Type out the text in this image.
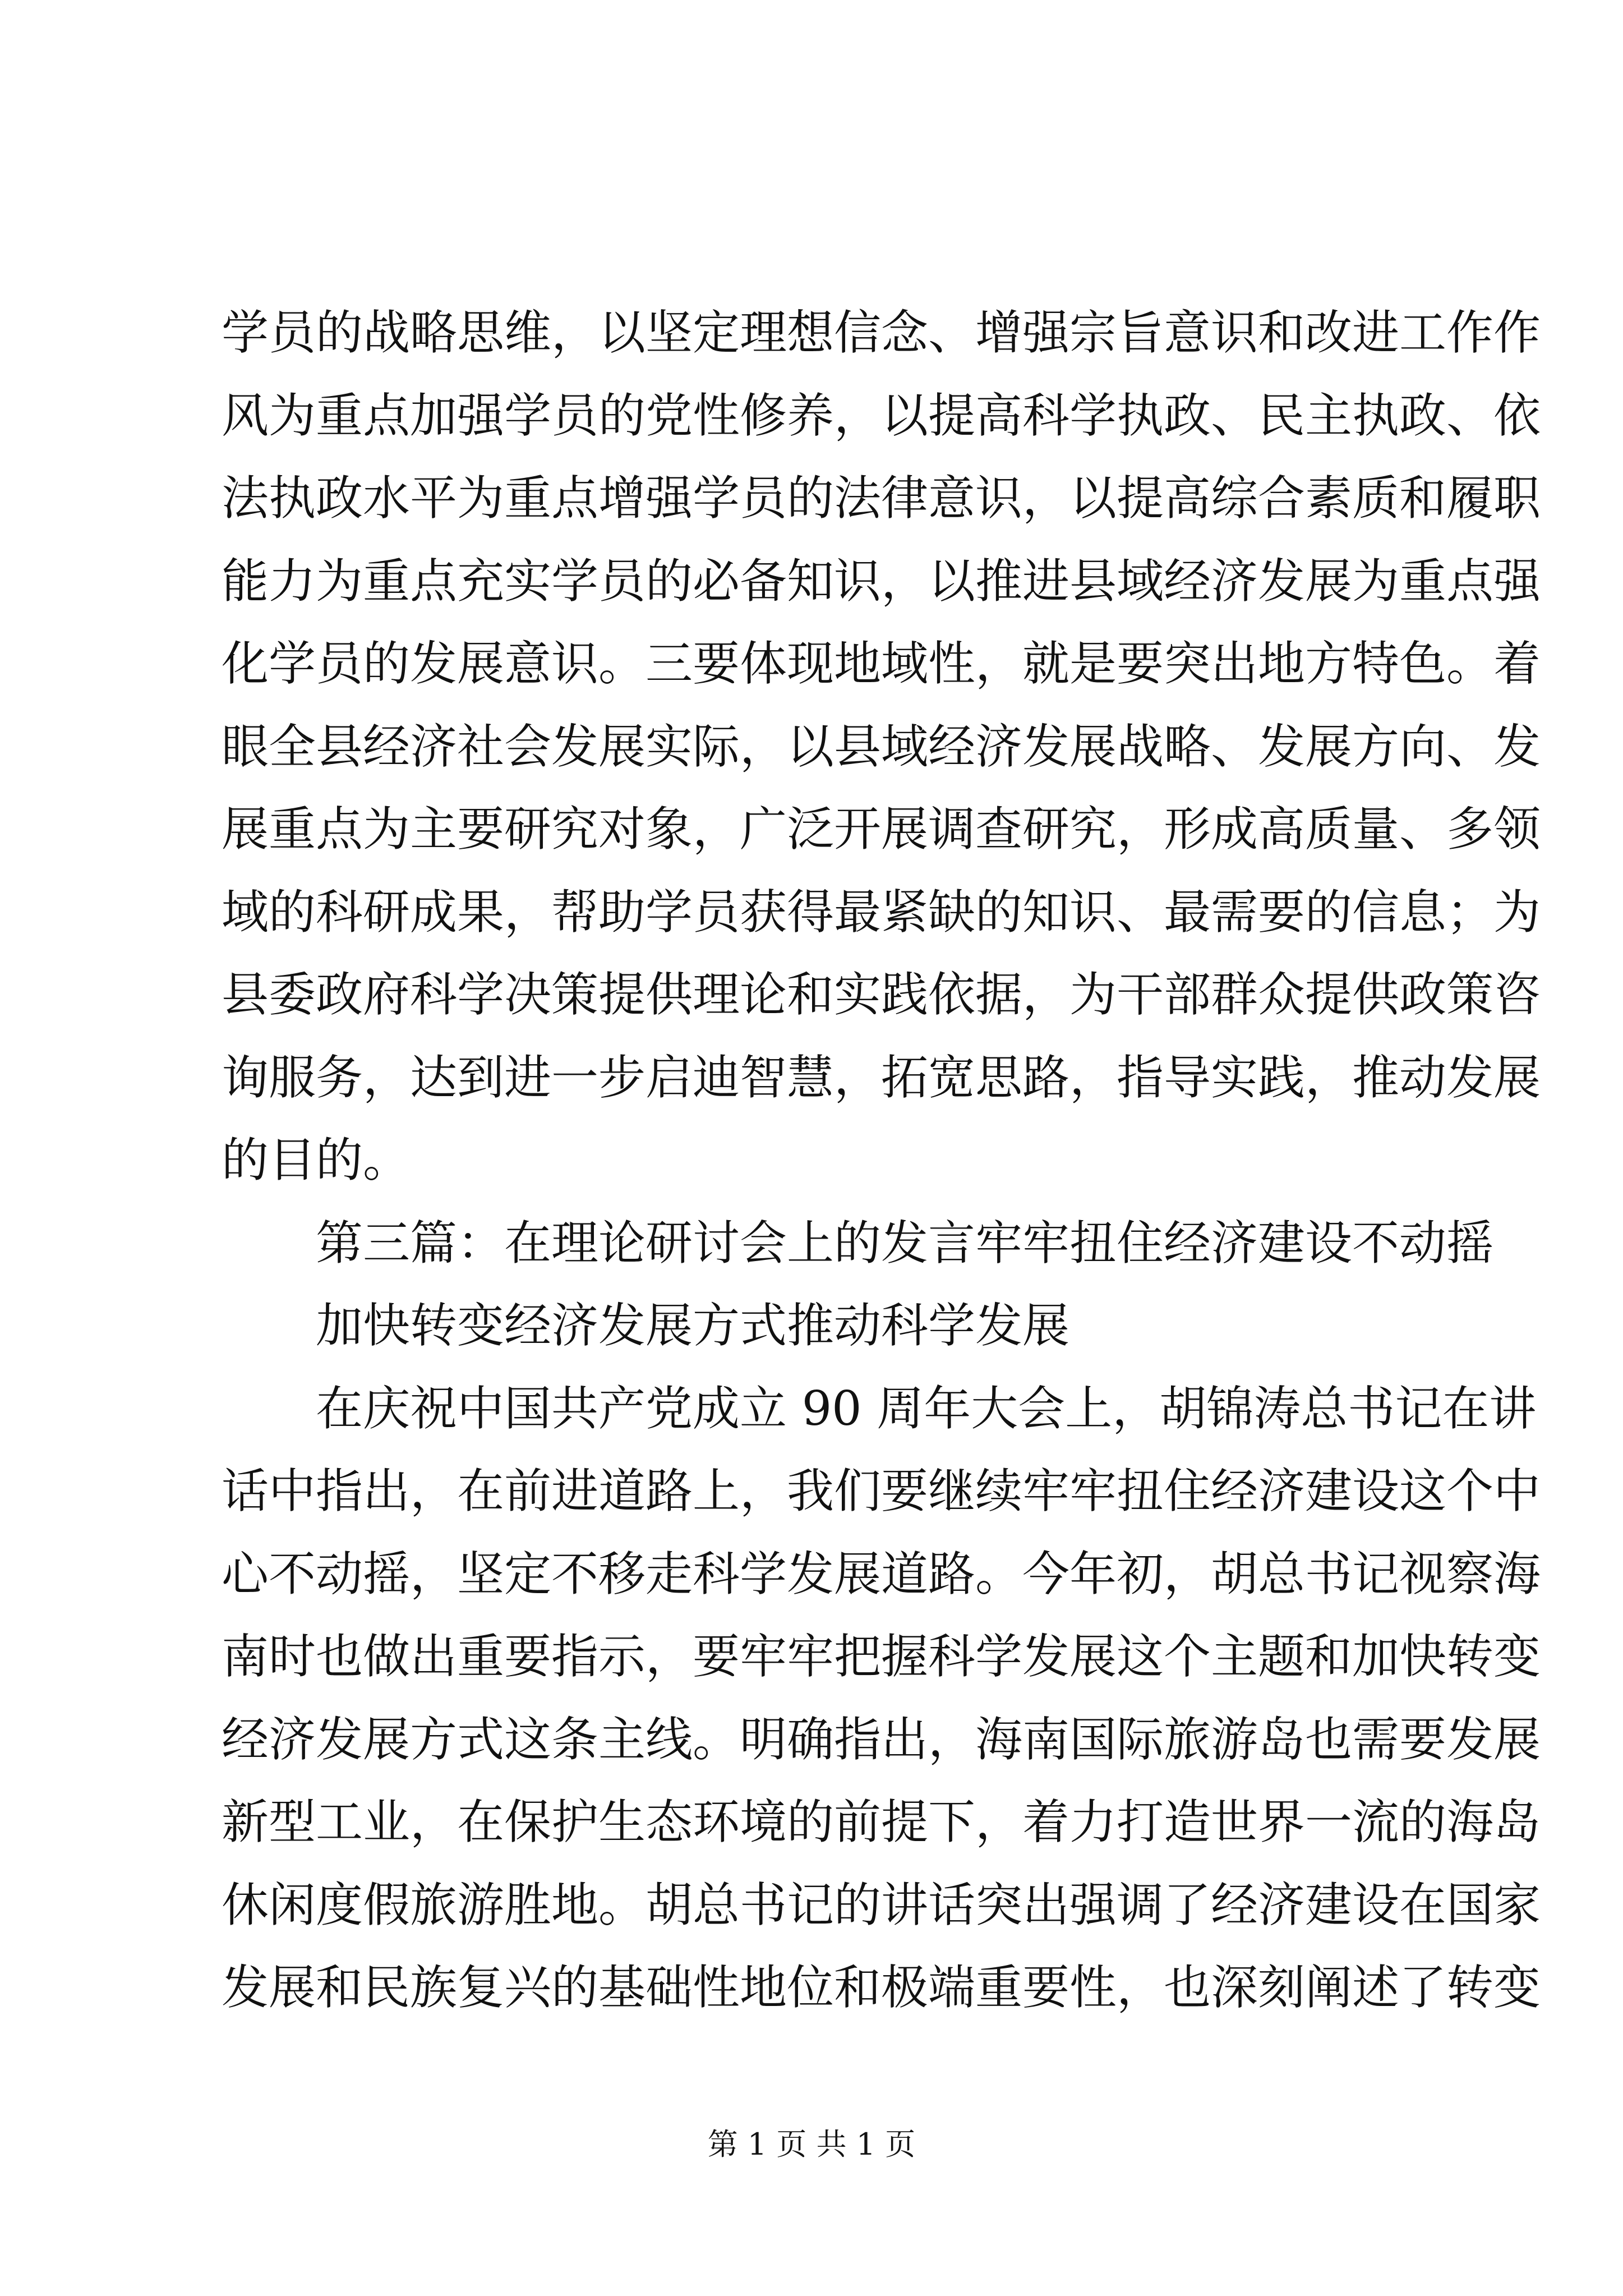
学员的战略思维，以坚定理想信念、增强宗旨意识和改进工作作
风为重点加强学员的党性修养，以提高科学执政、民主执政、依
法执政水平为重点增强学员的法律意识，以提高综合素质和履职
能力为重点充实学员的必备知识，以推进县域经济发展为重点强
化学员的发展意识。三要体现地域性，就是要突出地方特色。着
眼全县经济社会发展实际，以县域经济发展战略、发展方向、发
展重点为主要研究对象，广泛开展调查研究，形成高质量、多领
域的科研成果，帮助学员获得最紧缺的知识、最需要的信息；为
县委政府科学决策提供理论和实践依据，为干部群众提供政策咨
询服务，达到进一步启迪智慧，拓宽思路，指导实践，推动发展
的目的。
第三篇：在理论研讨会上的发言牢牢扭住经济建设不动摇
加快转变经济发展方式推动科学发展
在庆祝中国共产党成立 90 周年大会上，胡锦涛总书记在讲
话中指出，在前进道路上，我们要继续牢牢扭住经济建设这个中
心不动摇，坚定不移走科学发展道路。今年初，胡总书记视察海
南时也做出重要指示，要牢牢把握科学发展这个主题和加快转变
经济发展方式这条主线。明确指出，海南国际旅游岛也需要发展
新型工业，在保护生态环境的前提下，着力打造世界一流的海岛
休闲度假旅游胜地。胡总书记的讲话突出强调了经济建设在国家
发展和民族复兴的基础性地位和极端重要性，也深刻阐述了转变
第 1 页 共 1 页
